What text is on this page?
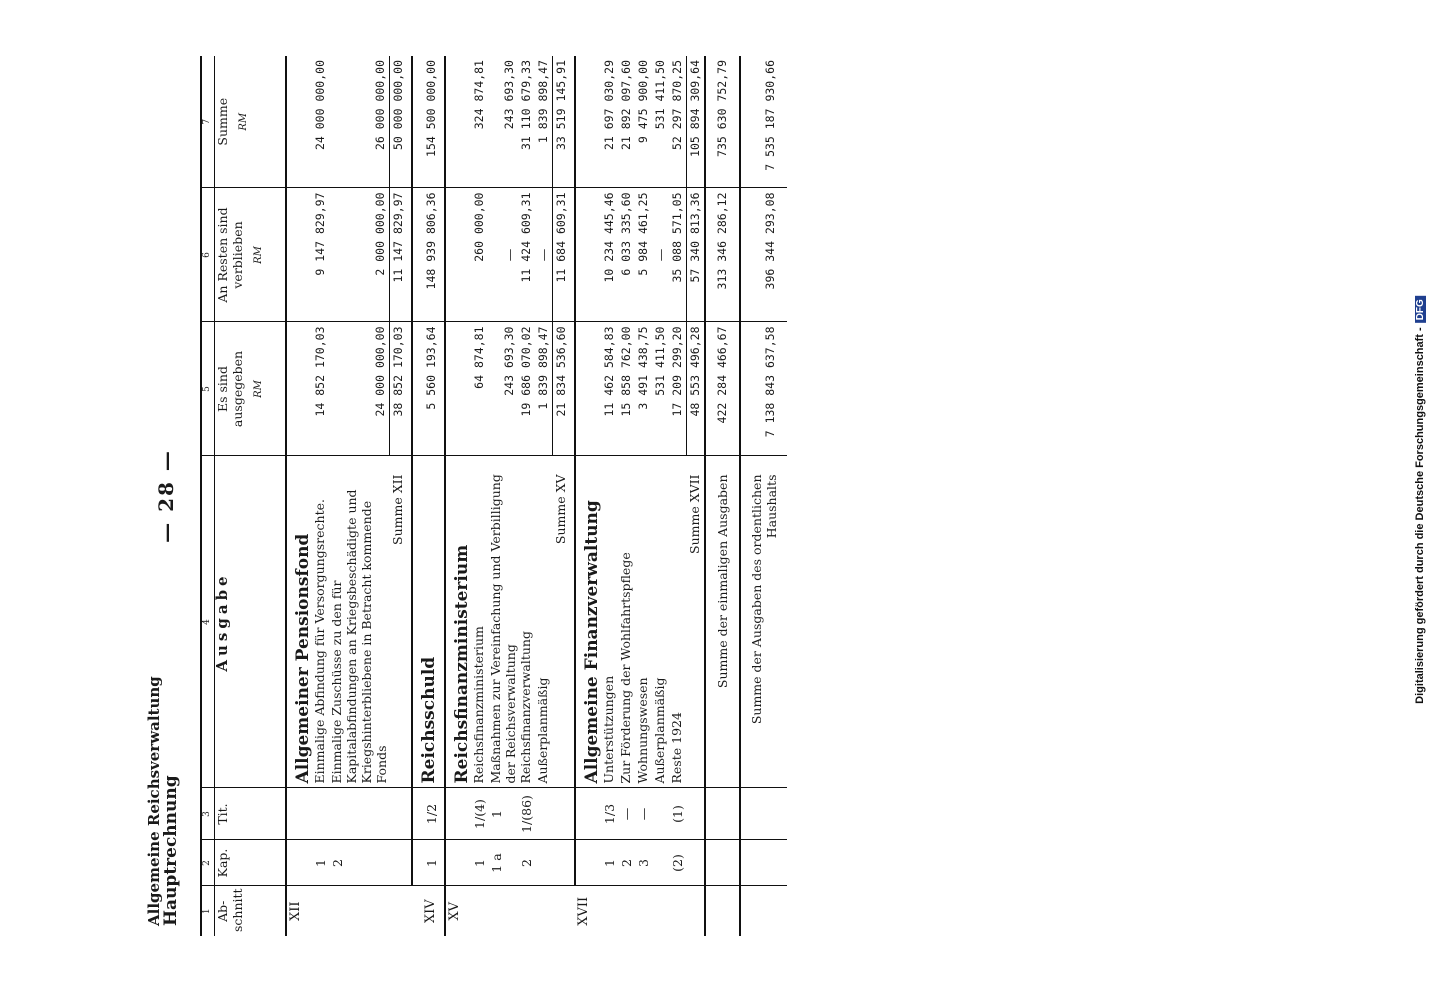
Digitalisierung gefördert durch die Deutsche Forschungsgemeinschaft -DFG
Allgemeine Reichsverwaltung
Hauptrechnung
— 28 —
1	2	3	4	5	6	7
Ab-schnitt	Kap.	Tit.	Ausgabe	Es sind ausgegeben RM	An Resten sind verblieben RM	Summe RM

XII			Allgemeiner Pensionsfond			
	1		Einmalige Abfindung für Versorgungsrechte.	14 852 170,03	9 147 829,97	24 000 000,00
	2		Einmalige Zuschüsse zu den für Kapitalabfindungen an Kriegsbeschädigte und Kriegshinterbliebene in Betracht kommende Fonds	24 000 000,00	2 000 000,00	26 000 000,00
			Summe XII	38 852 170,03	11 147 829,97	50 000 000,00
XIV	1	1/2	Reichsschuld	5 560 193,64	148 939 806,36	154 500 000,00
XV			Reichsfinanzministerium			
	1	1/(4)	Reichsfinanzministerium	64 874,81	260 000,00	324 874,81
	1 a	1	Maßnahmen zur Vereinfachung und Verbilligung der Reichsverwaltung	243 693,30	—	243 693,30
	2	1/(86)	Reichsfinanzverwaltung	19 686 070,02	11 424 609,31	31 110 679,33
			Außerplanmäßig	1 839 898,47	—	1 839 898,47
			Summe XV	21 834 536,60	11 684 609,31	33 519 145,91
XVII			Allgemeine Finanzverwaltung			
	1	1/3	Unterstützungen	11 462 584,83	10 234 445,46	21 697 030,29
	2	—	Zur Förderung der Wohlfahrtspflege	15 858 762,00	6 033 335,60	21 892 097,60
	3	—	Wohnungswesen	3 491 438,75	5 984 461,25	9 475 900,00
			Außerplanmäßig	531 411,50	—	531 411,50
	(2)	(1)	Reste 1924	17 209 299,20	35 088 571,05	52 297 870,25
			Summe XVII	48 553 496,28	57 340 813,36	105 894 309,64
			Summe der einmaligen Ausgaben	422 284 466,67	313 346 286,12	735 630 752,79
			Summe der Ausgaben des ordentlichen Haushalts	7 138 843 637,58	396 344 293,08	7 535 187 930,66
